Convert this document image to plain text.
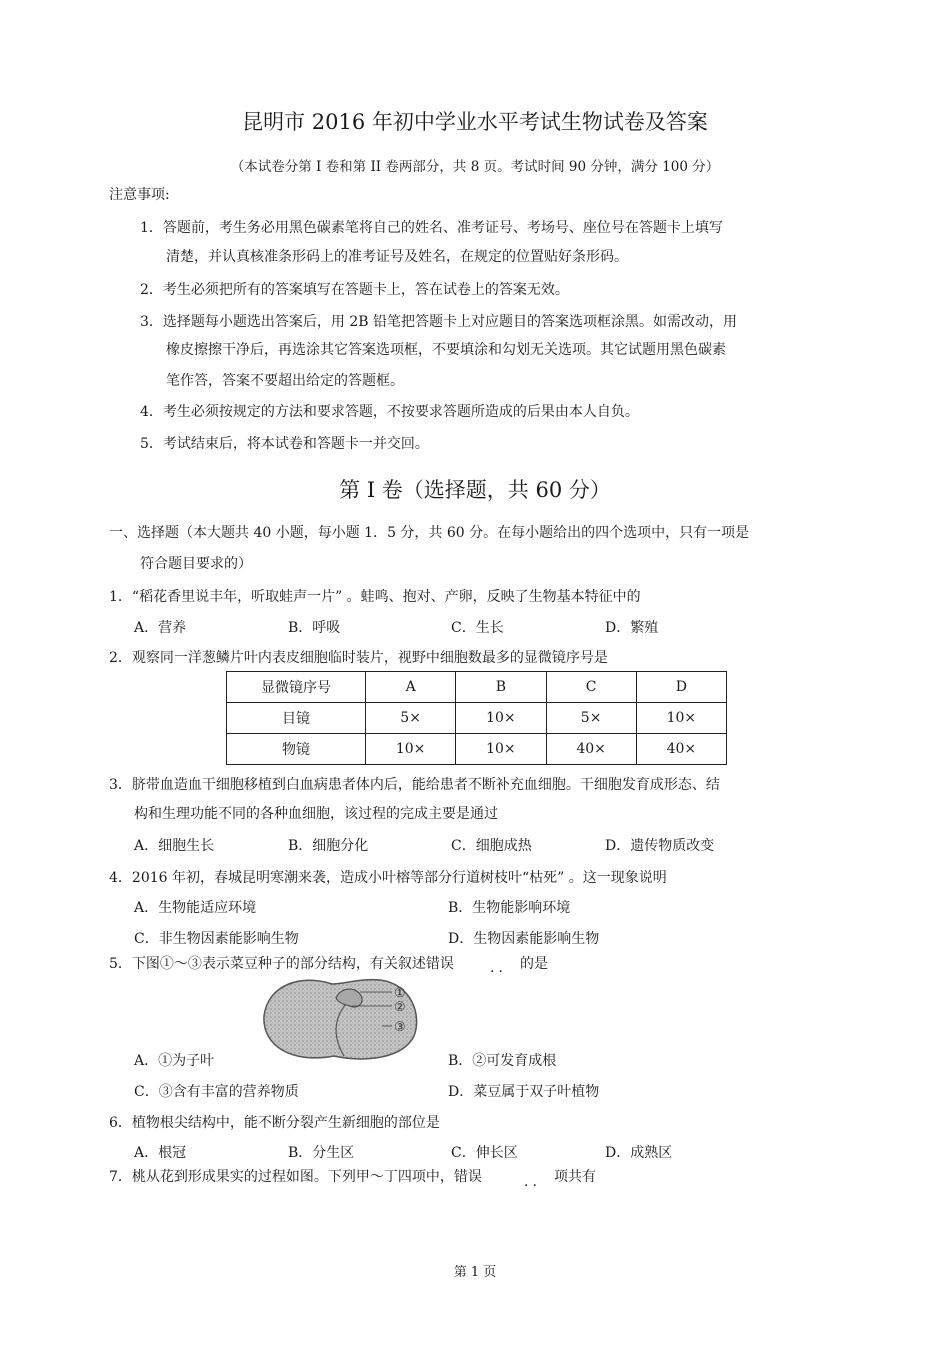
昆明市 2016 年初中学业水平考试生物试卷及答案
（本试卷分第 I 卷和第 II 卷两部分，共 8 页。考试时间 90 分钟，满分 100 分）
注意事项:
1．答题前，考生务必用黑色碳素笔将自己的姓名、准考证号、考场号、座位号在答题卡上填写
清楚，并认真核准条形码上的准考证号及姓名，在规定的位置贴好条形码。
2．考生必须把所有的答案填写在答题卡上，答在试卷上的答案无效。
3．选择题每小题选出答案后，用 2B 铅笔把答题卡上对应题目的答案选项框涂黑。如需改动，用
橡皮擦擦干净后，再选涂其它答案选项框，不要填涂和勾划无关选项。其它试题用黑色碳素
笔作答，答案不要超出给定的答题框。
4．考生必须按规定的方法和要求答题，不按要求答题所造成的后果由本人自负。
5．考试结束后，将本试卷和答题卡一并交回。
第 I 卷（选择题，共 60 分）
一、选择题（本大题共 40 小题，每小题 1．5 分，共 60 分。在每小题给出的四个选项中，只有一项是
符合题目要求的）
1．“稻花香里说丰年，听取蛙声一片” 。蛙鸣、抱对、产卵，反映了生物基本特征中的
A．营养	B．呼吸	C．生长	D．繁殖
2．观察同一洋葱鳞片叶内表皮细胞临时装片，视野中细胞数最多的显微镜序号是
显微镜序号	A	B	C	D
目镜	5×	10×	5×	10×
物镜	10×	10×	40×	40×
3．脐带血造血干细胞移植到白血病患者体内后，能给患者不断补充血细胞。干细胞发育成形态、结
构和生理功能不同的各种血细胞，该过程的完成主要是通过
A．细胞生长	B．细胞分化	C．细胞成热	D．遗传物质改变
4．2016 年初，春城昆明寒潮来袭，造成小叶榕等部分行道树枝叶“枯死” 。这一现象说明
A．生物能适应环境	B．生物能影响环境
C．非生物因素能影响生物	D．生物因素能影响生物
5．下图①～③表示菜豆种子的部分结构，有关叙述错误	.. 的是
①
②
③
A．①为子叶	B．②可发育成根
C．③含有丰富的营养物质	D．菜豆属于双子叶植物
6．植物根尖结构中，能不断分裂产生新细胞的部位是
A．根冠	B．分生区	C．伸长区	D．成熟区
7．桃从花到形成果实的过程如图。下列甲～丁四项中，错误	.. 项共有
第 1 页
